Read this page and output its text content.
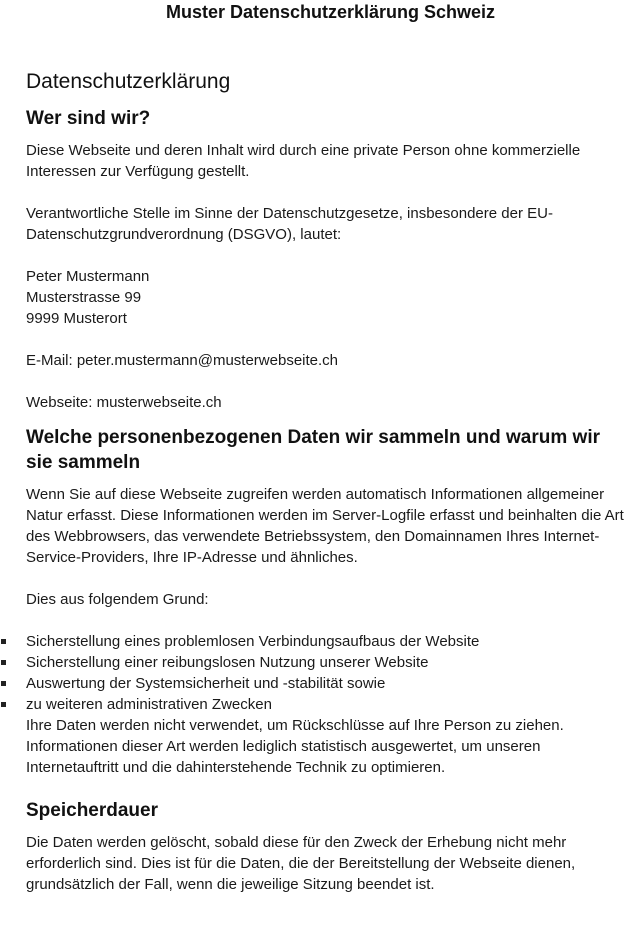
Muster Datenschutzerklärung Schweiz
Datenschutzerklärung
Wer sind wir?

Diese Webseite und deren Inhalt wird durch eine private Person ohne kommerzielle Interessen zur Verfügung gestellt.

Verantwortliche Stelle im Sinne der Datenschutzgesetze, insbesondere der EU-Datenschutzgrundverordnung (DSGVO), lautet:

Peter Mustermann
Musterstrasse 99
9999 Musterort

E-Mail: peter.mustermann@musterwebseite.ch

Webseite: musterwebseite.ch

Welche personenbezogenen Daten wir sammeln und warum wir sie sammeln

Wenn Sie auf diese Webseite zugreifen werden automatisch Informationen allgemeiner Natur erfasst. Diese Informationen werden im Server-Logfile erfasst und beinhalten die Art des Webbrowsers, das verwendete Betriebssystem, den Domainnamen Ihres Internet-Service-Providers, Ihre IP-Adresse und ähnliches.

Dies aus folgendem Grund:

Sicherstellung eines problemlosen Verbindungsaufbaus der Website
Sicherstellung einer reibungslosen Nutzung unserer Website
Auswertung der Systemsicherheit und -stabilität sowie
zu weiteren administrativen Zwecken

Ihre Daten werden nicht verwendet, um Rückschlüsse auf Ihre Person zu ziehen. Informationen dieser Art werden lediglich statistisch ausgewertet, um unseren Internetauftritt und die dahinterstehende Technik zu optimieren.

Speicherdauer

Die Daten werden gelöscht, sobald diese für den Zweck der Erhebung nicht mehr erforderlich sind. Dies ist für die Daten, die der Bereitstellung der Webseite dienen, grundsätzlich der Fall, wenn die jeweilige Sitzung beendet ist.
